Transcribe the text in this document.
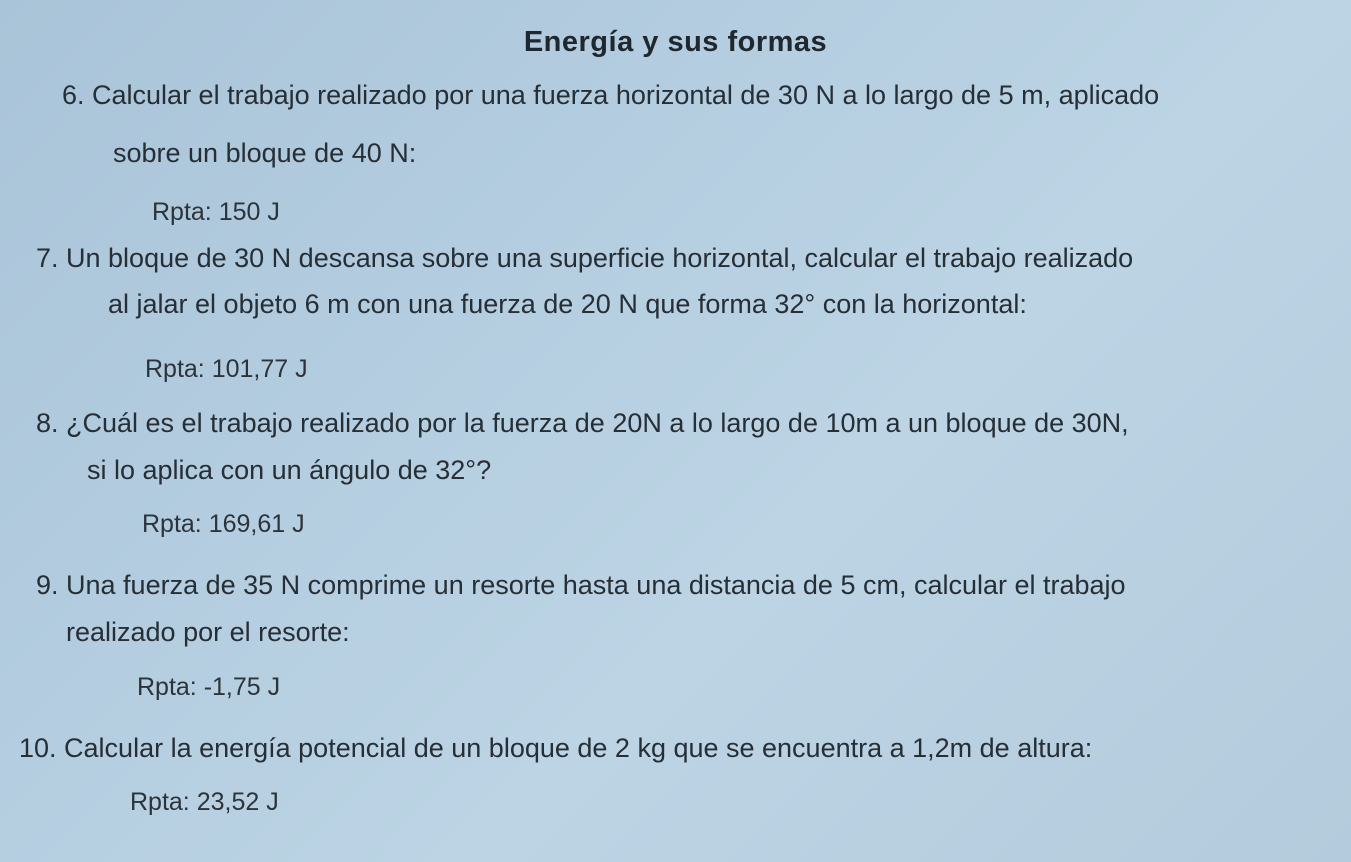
Energía y sus formas
6. Calcular el trabajo realizado por una fuerza horizontal de 30 N a lo largo de 5 m, aplicado
sobre un bloque de 40 N:
Rpta: 150 J
7. Un bloque de 30 N descansa sobre una superficie horizontal, calcular el trabajo realizado
al jalar el objeto 6 m con una fuerza de 20 N que forma 32° con la horizontal:
Rpta: 101,77 J
8. ¿Cuál es el trabajo realizado por la fuerza de 20N a lo largo de 10m a un bloque de 30N,
si lo aplica con un ángulo de 32°?
Rpta: 169,61 J
9. Una fuerza de 35 N comprime un resorte hasta una distancia de 5 cm, calcular el trabajo
realizado por el resorte:
Rpta: -1,75 J
10. Calcular la energía potencial de un bloque de 2 kg que se encuentra a 1,2m de altura:
Rpta: 23,52 J
